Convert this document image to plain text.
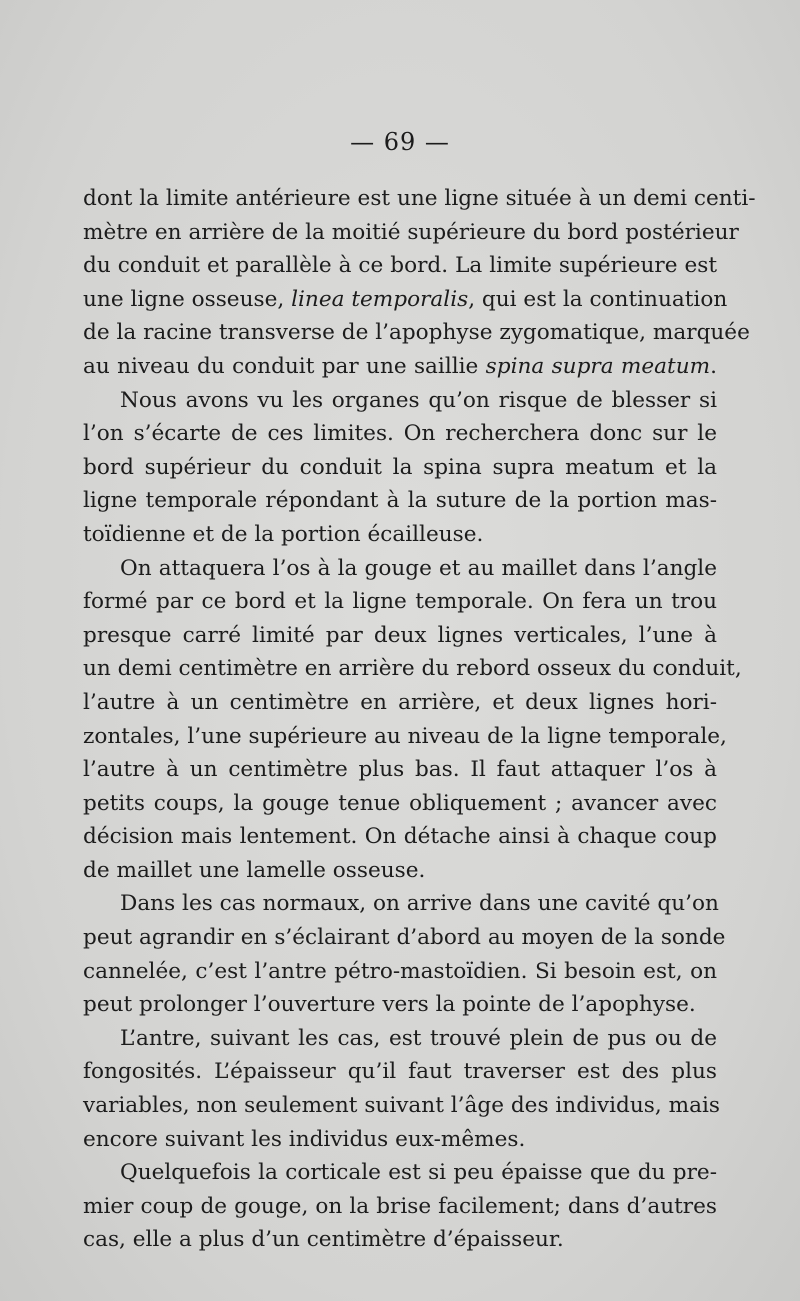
— 69 —
dont la limite antérieure est une ligne située à un demi centi-
mètre en arrière de la moitié supérieure du bord postérieur
du conduit et parallèle à ce bord. La limite supérieure est
une ligne osseuse, linea temporalis, qui est la continuation
de la racine transverse de l’apophyse zygomatique, marquée
au niveau du conduit par une saillie spina supra meatum.
Nous avons vu les organes qu’on risque de blesser si
l’on s’écarte de ces limites. On recherchera donc sur le
bord supérieur du conduit la spina supra meatum et la
ligne temporale répondant à la suture de la portion mas-
toïdienne et de la portion écailleuse.
On attaquera l’os à la gouge et au maillet dans l’angle
formé par ce bord et la ligne temporale. On fera un trou
presque carré limité par deux lignes verticales, l’une à
un demi centimètre en arrière du rebord osseux du conduit,
l’autre à un centimètre en arrière, et deux lignes hori-
zontales, l’une supérieure au niveau de la ligne temporale,
l’autre à un centimètre plus bas. Il faut attaquer l’os à
petits coups, la gouge tenue obliquement ; avancer avec
décision mais lentement. On détache ainsi à chaque coup
de maillet une lamelle osseuse.
Dans les cas normaux, on arrive dans une cavité qu’on
peut agrandir en s’éclairant d’abord au moyen de la sonde
cannelée, c’est l’antre pétro-mastoïdien. Si besoin est, on
peut prolonger l’ouverture vers la pointe de l’apophyse.
L’antre, suivant les cas, est trouvé plein de pus ou de
fongosités. L’épaisseur qu’il faut traverser est des plus
variables, non seulement suivant l’âge des individus, mais
encore suivant les individus eux-mêmes.
Quelquefois la corticale est si peu épaisse que du pre-
mier coup de gouge, on la brise facilement; dans d’autres
cas, elle a plus d’un centimètre d’épaisseur.
